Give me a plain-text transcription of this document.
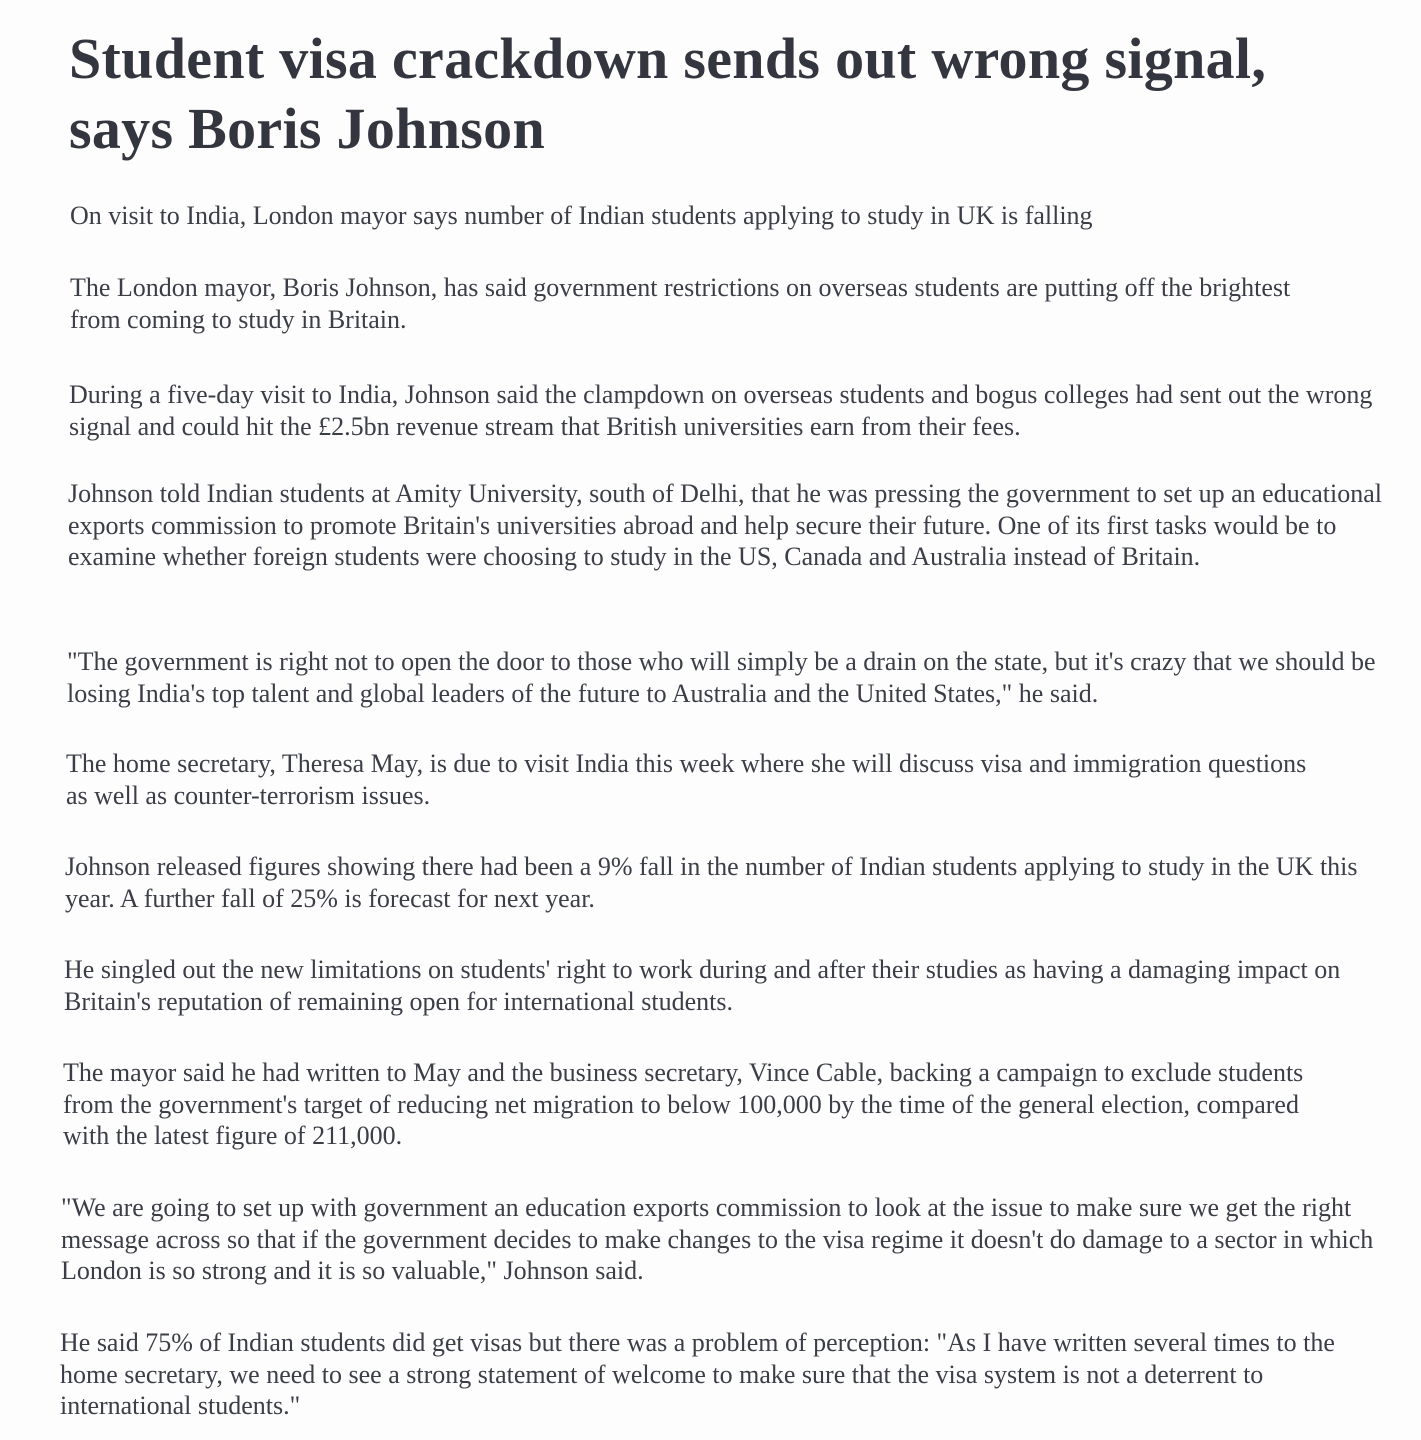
Student visa crackdown sends out wrong signal, says Boris Johnson

On visit to India, London mayor says number of Indian students applying to study in UK is falling

The London mayor, Boris Johnson, has said government restrictions on overseas students are putting off the brightest from coming to study in Britain.

During a five-day visit to India, Johnson said the clampdown on overseas students and bogus colleges had sent out the wrong signal and could hit the £2.5bn revenue stream that British universities earn from their fees.

Johnson told Indian students at Amity University, south of Delhi, that he was pressing the government to set up an educational exports commission to promote Britain's universities abroad and help secure their future. One of its first tasks would be to examine whether foreign students were choosing to study in the US, Canada and Australia instead of Britain.

"The government is right not to open the door to those who will simply be a drain on the state, but it's crazy that we should be losing India's top talent and global leaders of the future to Australia and the United States," he said.

The home secretary, Theresa May, is due to visit India this week where she will discuss visa and immigration questions as well as counter-terrorism issues.

Johnson released figures showing there had been a 9% fall in the number of Indian students applying to study in the UK this year. A further fall of 25% is forecast for next year.

He singled out the new limitations on students' right to work during and after their studies as having a damaging impact on Britain's reputation of remaining open for international students.

The mayor said he had written to May and the business secretary, Vince Cable, backing a campaign to exclude students from the government's target of reducing net migration to below 100,000 by the time of the general election, compared with the latest figure of 211,000.

"We are going to set up with government an education exports commission to look at the issue to make sure we get the right message across so that if the government decides to make changes to the visa regime it doesn't do damage to a sector in which London is so strong and it is so valuable," Johnson said.

He said 75% of Indian students did get visas but there was a problem of perception: "As I have written several times to the home secretary, we need to see a strong statement of welcome to make sure that the visa system is not a deterrent to international students."
